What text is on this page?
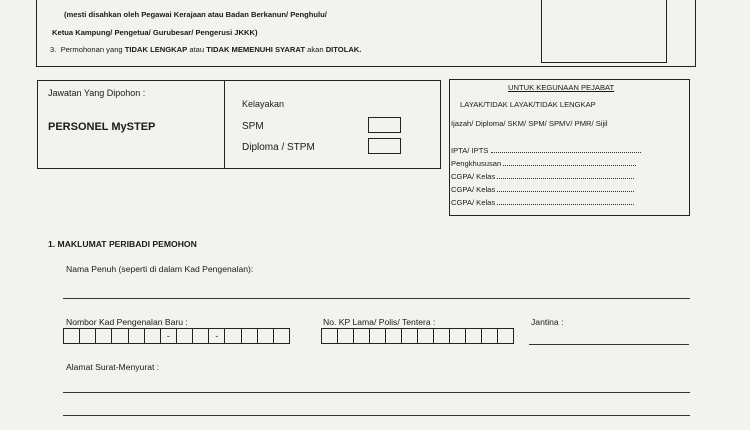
(mesti disahkan oleh Pegawai Kerajaan atau Badan Berkanun/ Penghulu/
Ketua Kampung/ Pengetua/ Gurubesar/ Pengerusi JKKK)
3. Permohonan yang TIDAK LENGKAP atau TIDAK MEMENUHI SYARAT akan DITOLAK.
Jawatan Yang Dipohon :
PERSONEL MySTEP
Kelayakan
SPM
Diploma / STPM
UNTUK KEGUNAAN PEJABAT
LAYAK/TIDAK LAYAK/TIDAK LENGKAP
Ijazah/ Diploma/ SKM/ SPM/ SPMV/ PMR/ Sijil
IPTA/ IPTS
Pengkhususan
CGPA/ Kelas
CGPA/ Kelas
CGPA/ Kelas
1. MAKLUMAT PERIBADI PEMOHON
Nama Penuh (seperti di dalam Kad Pengenalan):
Nombor Kad Pengenalan Baru :
-	-
No. KP Lama/ Polis/ Tentera :	Jantina :
Alamat Surat-Menyurat :
